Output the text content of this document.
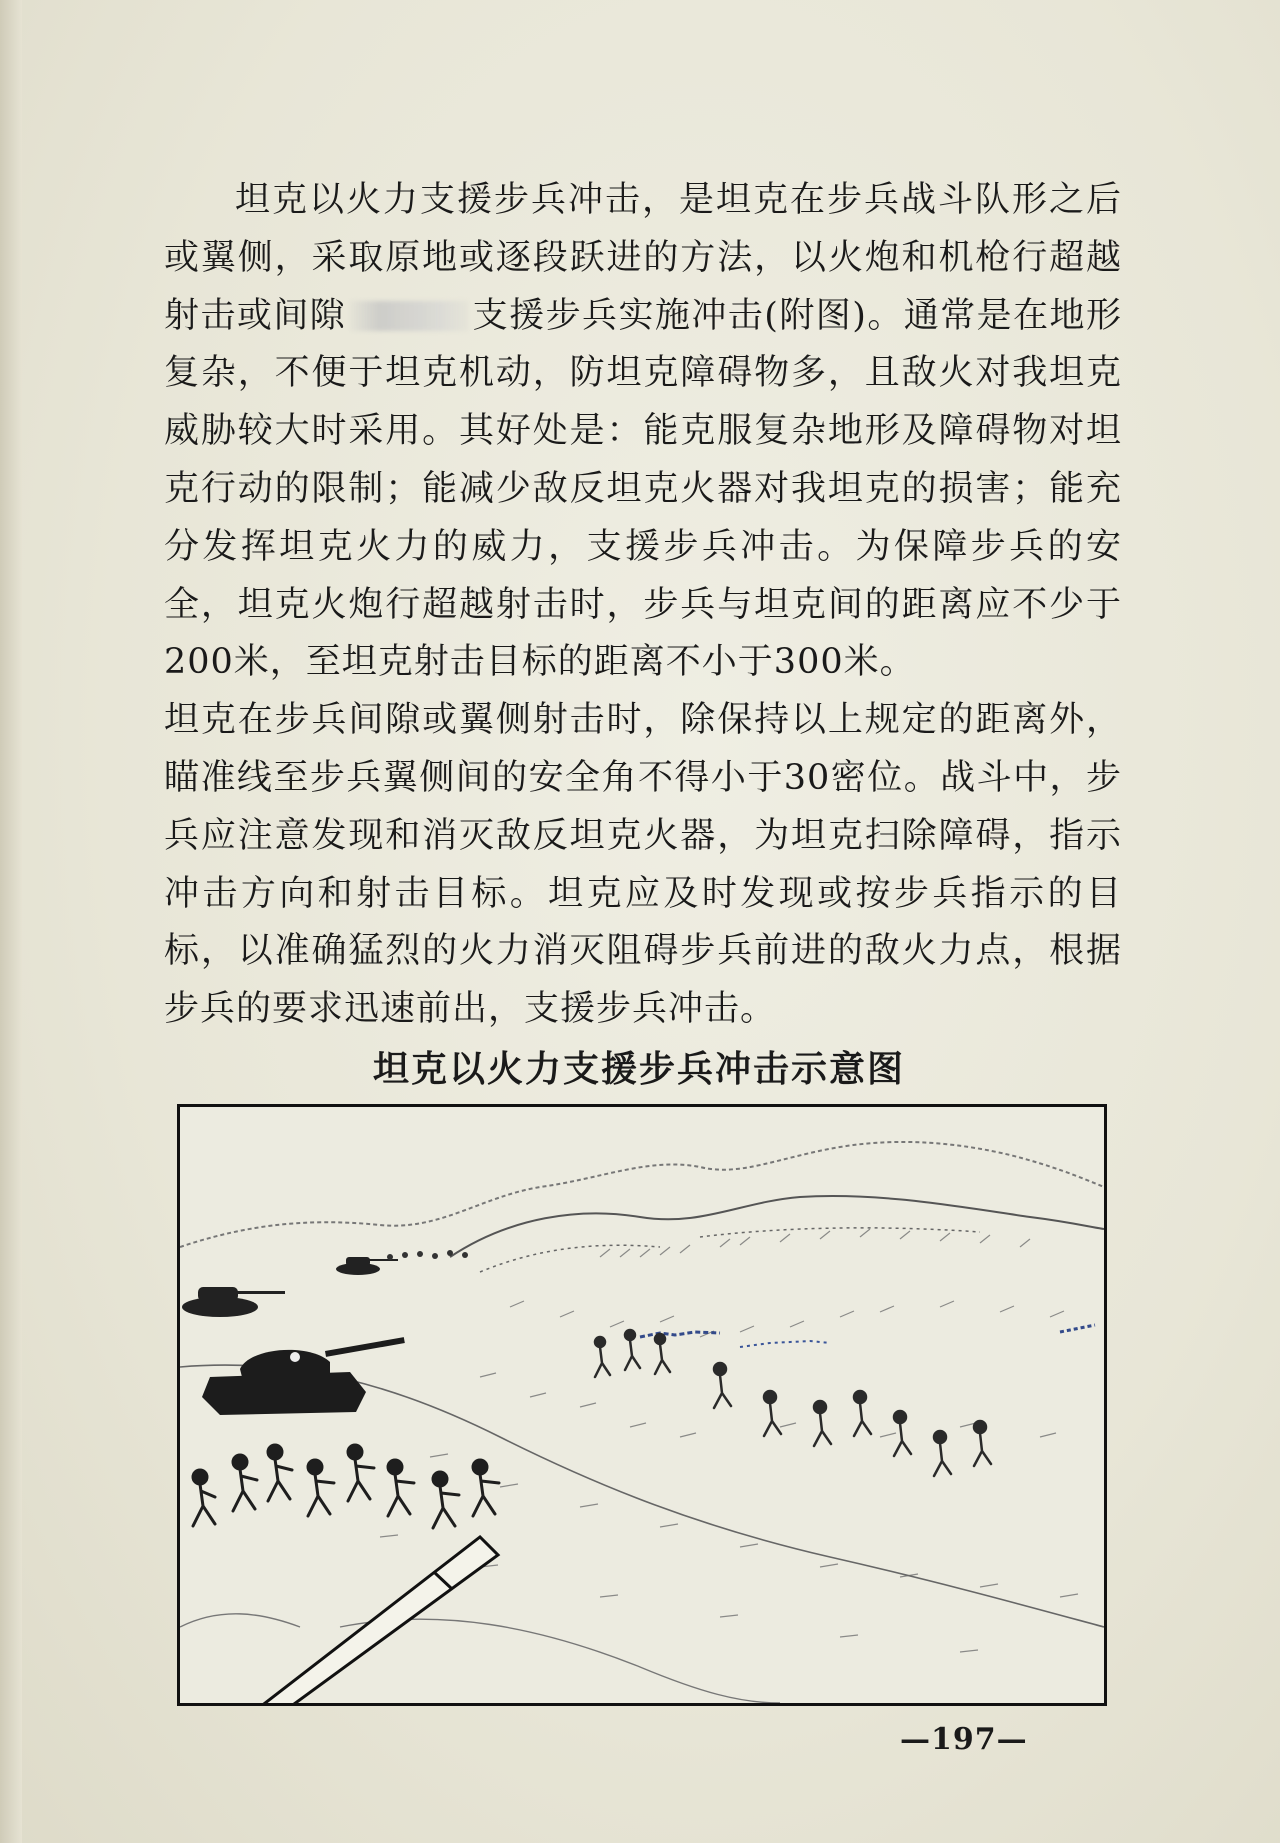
坦克以火力支援步兵冲击，是坦克在步兵战斗队形之后或翼侧，采取原地或逐段跃进的方法，以火炮和机枪行超越射击或间隙	支援步兵实施冲击(附图)。通常是在地形复杂，不便于坦克机动，防坦克障碍物多，且敌火对我坦克威胁较大时采用。其好处是：能克服复杂地形及障碍物对坦克行动的限制；能减少敌反坦克火器对我坦克的损害；能充分发挥坦克火力的威力，支援步兵冲击。为保障步兵的安全，坦克火炮行超越射击时，步兵与坦克间的距离应不少于200米，至坦克射击目标的距离不小于300米。

坦克在步兵间隙或翼侧射击时，除保持以上规定的距离外，瞄准线至步兵翼侧间的安全角不得小于30密位。战斗中，步兵应注意发现和消灭敌反坦克火器，为坦克扫除障碍，指示冲击方向和射击目标。坦克应及时发现或按步兵指示的目标，以准确猛烈的火力消灭阻碍步兵前进的敌火力点，根据步兵的要求迅速前出，支援步兵冲击。

坦克以火力支援步兵冲击示意图
—197—
